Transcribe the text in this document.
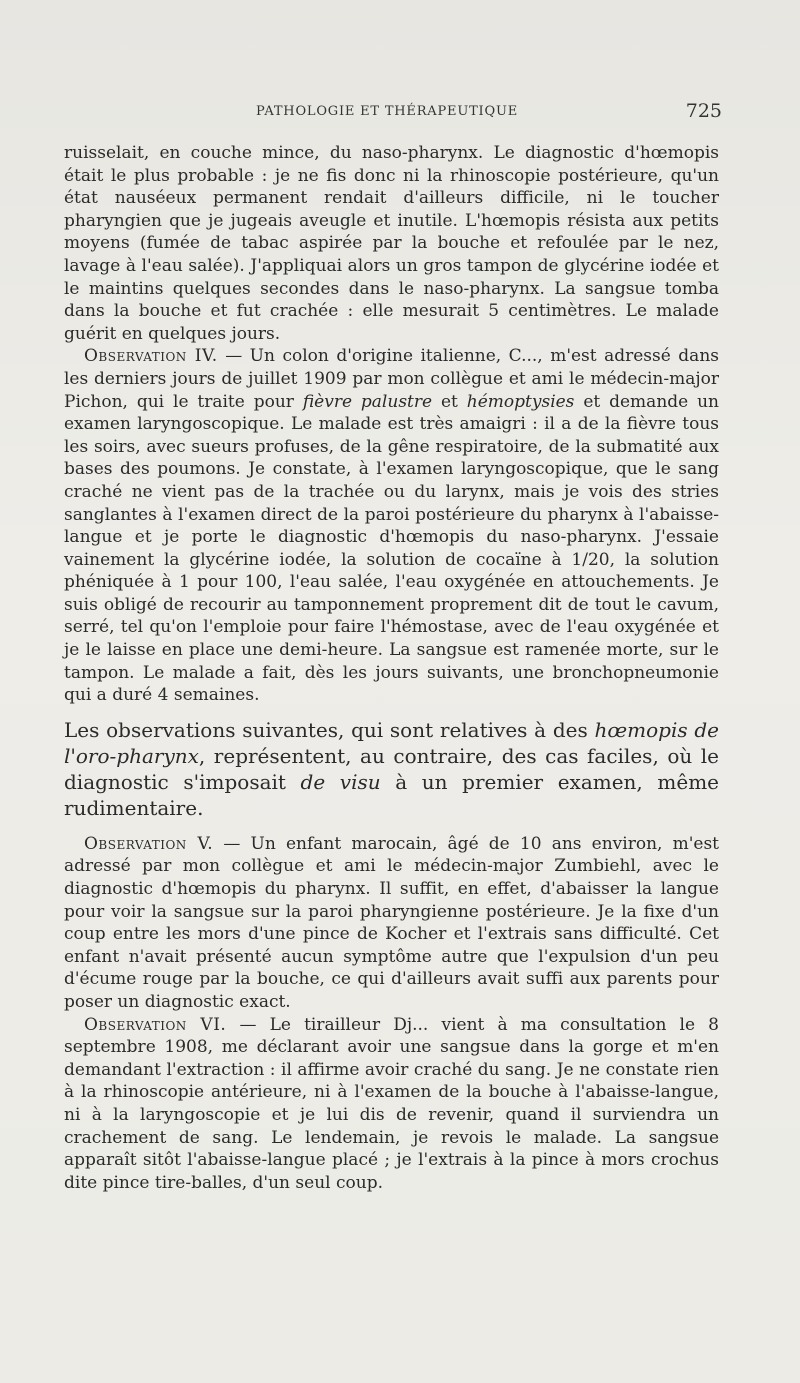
PATHOLOGIE ET THÉRAPEUTIQUE	725

ruisselait, en couche mince, du naso-pharynx. Le diagnostic d'hœmopis était le plus probable : je ne fis donc ni la rhinoscopie postérieure, qu'un état nauséeux permanent rendait d'ailleurs difficile, ni le toucher pharyngien que je jugeais aveugle et inutile. L'hœmopis résista aux petits moyens (fumée de tabac aspirée par la bouche et refoulée par le nez, lavage à l'eau salée). J'appliquai alors un gros tampon de glycérine iodée et le maintins quelques secondes dans le naso-pharynx. La sangsue tomba dans la bouche et fut crachée : elle mesurait 5 centimètres. Le malade guérit en quelques jours.

Observation IV. — Un colon d'origine italienne, C..., m'est adressé dans les derniers jours de juillet 1909 par mon collègue et ami le médecin-major Pichon, qui le traite pour fièvre palustre et hémoptysies et demande un examen laryngoscopique. Le malade est très amaigri : il a de la fièvre tous les soirs, avec sueurs profuses, de la gêne respiratoire, de la submatité aux bases des poumons. Je constate, à l'examen laryngoscopique, que le sang craché ne vient pas de la trachée ou du larynx, mais je vois des stries sanglantes à l'examen direct de la paroi postérieure du pharynx à l'abaisse-langue et je porte le diagnostic d'hœmopis du naso-pharynx. J'essaie vainement la glycérine iodée, la solution de cocaïne à 1/20, la solution phéniquée à 1 pour 100, l'eau salée, l'eau oxygénée en attouchements. Je suis obligé de recourir au tamponnement proprement dit de tout le cavum, serré, tel qu'on l'emploie pour faire l'hémostase, avec de l'eau oxygénée et je le laisse en place une demi-heure. La sangsue est ramenée morte, sur le tampon. Le malade a fait, dès les jours suivants, une bronchopneumonie qui a duré 4 semaines.

Les observations suivantes, qui sont relatives à des hœmopis de l'oro-pharynx, représentent, au contraire, des cas faciles, où le diagnostic s'imposait de visu à un premier examen, même rudimentaire.

Observation V. — Un enfant marocain, âgé de 10 ans environ, m'est adressé par mon collègue et ami le médecin-major Zumbiehl, avec le diagnostic d'hœmopis du pharynx. Il suffit, en effet, d'abaisser la langue pour voir la sangsue sur la paroi pharyngienne postérieure. Je la fixe d'un coup entre les mors d'une pince de Kocher et l'extrais sans difficulté. Cet enfant n'avait présenté aucun symptôme autre que l'expulsion d'un peu d'écume rouge par la bouche, ce qui d'ailleurs avait suffi aux parents pour poser un diagnostic exact.

Observation VI. — Le tirailleur Dj... vient à ma consultation le 8 septembre 1908, me déclarant avoir une sangsue dans la gorge et m'en demandant l'extraction : il affirme avoir craché du sang. Je ne constate rien à la rhinoscopie antérieure, ni à l'examen de la bouche à l'abaisse-langue, ni à la laryngoscopie et je lui dis de revenir, quand il surviendra un crachement de sang. Le lendemain, je revois le malade. La sangsue apparaît sitôt l'abaisse-langue placé ; je l'extrais à la pince à mors crochus dite pince tire-balles, d'un seul coup.
